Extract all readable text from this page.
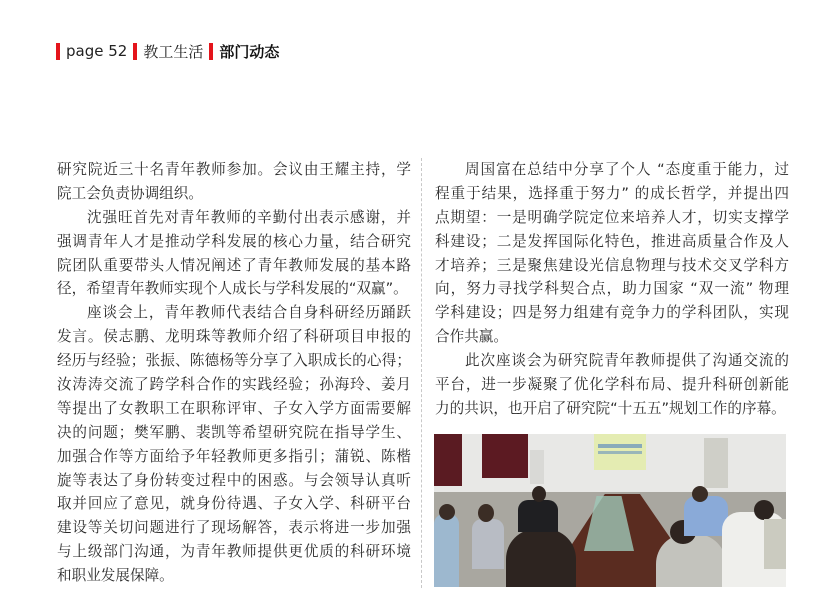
page 52 教工生活 部门动态
研究院近三十名青年教师参加。会议由王耀主持，学
院工会负责协调组织。
沈强旺首先对青年教师的辛勤付出表示感谢，并
强调青年人才是推动学科发展的核心力量，结合研究
院团队重要带头人情况阐述了青年教师发展的基本路
径，希望青年教师实现个人成长与学科发展的“双赢”。
座谈会上，青年教师代表结合自身科研经历踊跃
发言。侯志鹏、龙明珠等教师介绍了科研项目申报的
经历与经验；张振、陈德杨等分享了入职成长的心得；
汝涛涛交流了跨学科合作的实践经验；孙海玲、姜月
等提出了女教职工在职称评审、子女入学方面需要解
决的问题；樊军鹏、裴凯等希望研究院在指导学生、
加强合作等方面给予年轻教师更多指引；蒲锐、陈楷
旋等表达了身份转变过程中的困惑。与会领导认真听
取并回应了意见，就身份待遇、子女入学、科研平台
建设等关切问题进行了现场解答，表示将进一步加强
与上级部门沟通，为青年教师提供更优质的科研环境
和职业发展保障。
周国富在总结中分享了个人 “态度重于能力，过
程重于结果，选择重于努力” 的成长哲学，并提出四
点期望：一是明确学院定位来培养人才，切实支撑学
科建设；二是发挥国际化特色，推进高质量合作及人
才培养；三是聚焦建设光信息物理与技术交叉学科方
向，努力寻找学科契合点，助力国家 “双一流” 物理
学科建设；四是努力组建有竞争力的学科团队，实现
合作共赢。
此次座谈会为研究院青年教师提供了沟通交流的
平台，进一步凝聚了优化学科布局、提升科研创新能
力的共识，也开启了研究院“十五五”规划工作的序幕。
